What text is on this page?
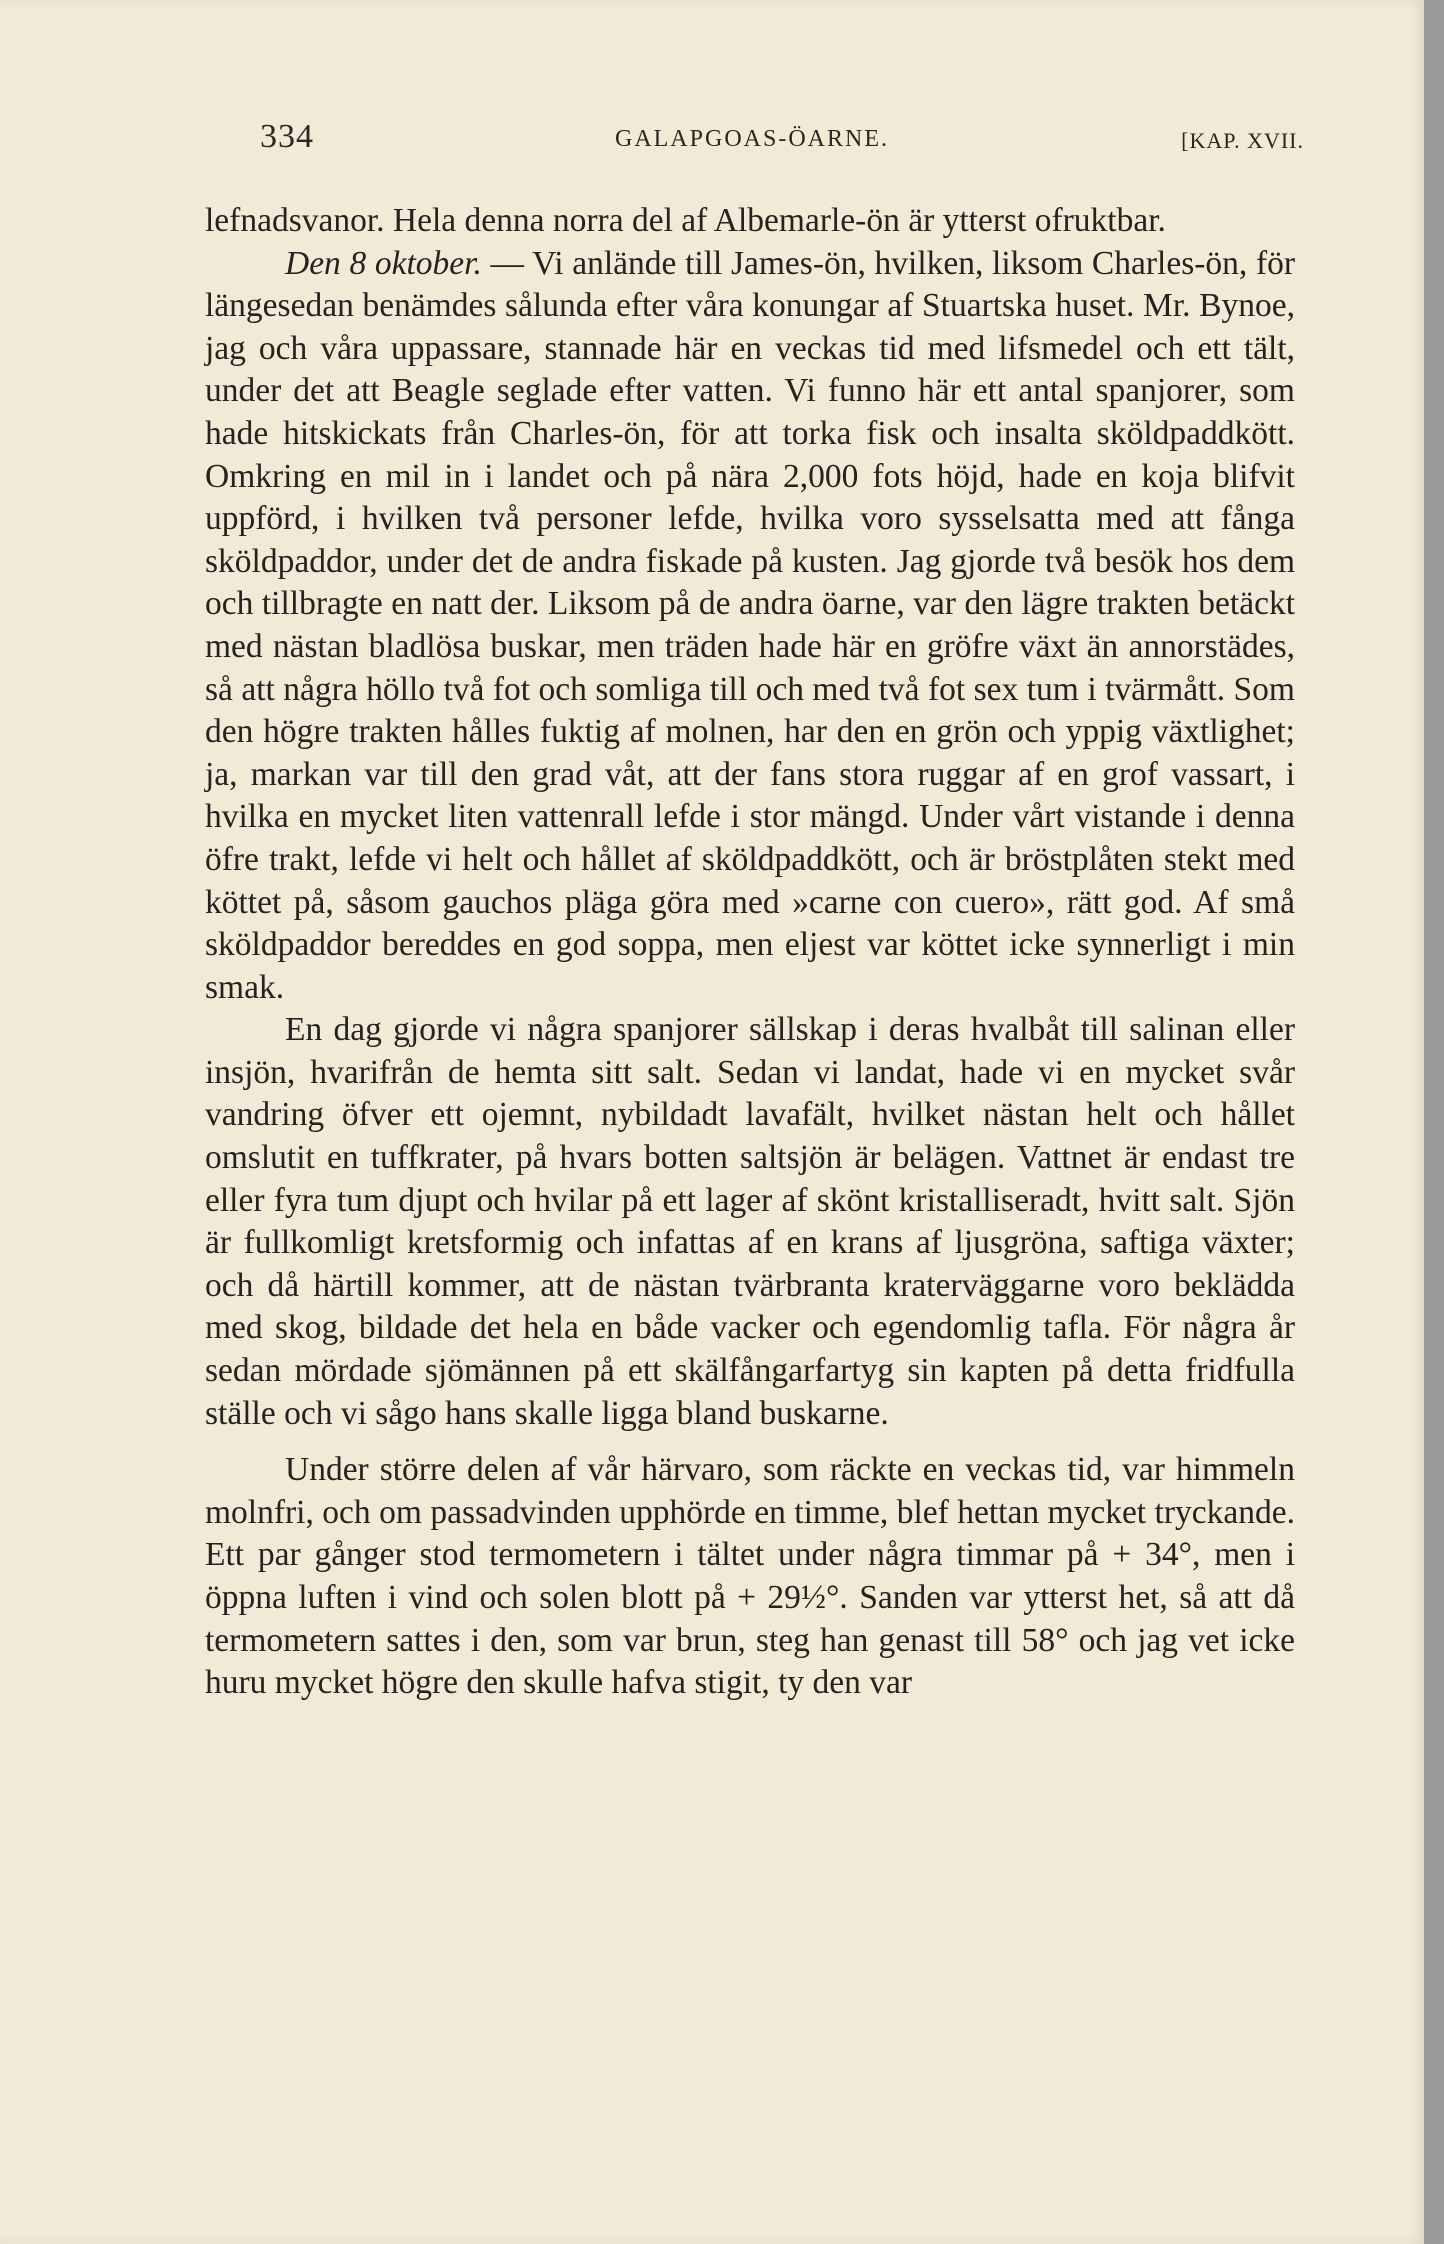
334	GALAPGOAS-ÖARNE.	[KAP. XVII.

lefnadsvanor. Hela denna norra del af Albemarle-ön är ytterst ofruktbar.

Den 8 oktober. — Vi anlände till James-ön, hvilken, liksom Charles-ön, för längesedan benämdes sålunda efter våra konungar af Stuartska huset. Mr. Bynoe, jag och våra uppassare, stannade här en veckas tid med lifsmedel och ett tält, under det att Beagle seglade efter vatten. Vi funno här ett antal spanjorer, som hade hitskickats från Charles-ön, för att torka fisk och insalta sköldpaddkött. Omkring en mil in i landet och på nära 2,000 fots höjd, hade en koja blifvit uppförd, i hvilken två personer lefde, hvilka voro sysselsatta med att fånga sköldpaddor, under det de andra fiskade på kusten. Jag gjorde två besök hos dem och tillbragte en natt der. Liksom på de andra öarne, var den lägre trakten betäckt med nästan bladlösa buskar, men träden hade här en gröfre växt än annorstädes, så att några höllo två fot och somliga till och med två fot sex tum i tvärmått. Som den högre trakten hålles fuktig af molnen, har den en grön och yppig växtlighet; ja, markan var till den grad våt, att der fans stora ruggar af en grof vassart, i hvilka en mycket liten vattenrall lefde i stor mängd. Under vårt vistande i denna öfre trakt, lefde vi helt och hållet af sköldpaddkött, och är bröstplåten stekt med köttet på, såsom gauchos pläga göra med »carne con cuero», rätt god. Af små sköldpaddor bereddes en god soppa, men eljest var köttet icke synnerligt i min smak.

En dag gjorde vi några spanjorer sällskap i deras hvalbåt till salinan eller insjön, hvarifrån de hemta sitt salt. Sedan vi landat, hade vi en mycket svår vandring öfver ett ojemnt, nybildadt lavafält, hvilket nästan helt och hållet omslutit en tuffkrater, på hvars botten saltsjön är belägen. Vattnet är endast tre eller fyra tum djupt och hvilar på ett lager af skönt kristalliseradt, hvitt salt. Sjön är fullkomligt kretsformig och infattas af en krans af ljusgröna, saftiga växter; och då härtill kommer, att de nästan tvärbranta kraterväggarne voro beklädda med skog, bildade det hela en både vacker och egendomlig tafla. För några år sedan mördade sjömännen på ett skälfångarfartyg sin kapten på detta fridfulla ställe och vi sågo hans skalle ligga bland buskarne.

Under större delen af vår härvaro, som räckte en veckas tid, var himmeln molnfri, och om passadvinden upphörde en timme, blef hettan mycket tryckande. Ett par gånger stod termometern i tältet under några timmar på + 34°, men i öppna luften i vind och solen blott på + 29½°. Sanden var ytterst het, så att då termometern sattes i den, som var brun, steg han genast till 58° och jag vet icke huru mycket högre den skulle hafva stigit, ty den var
